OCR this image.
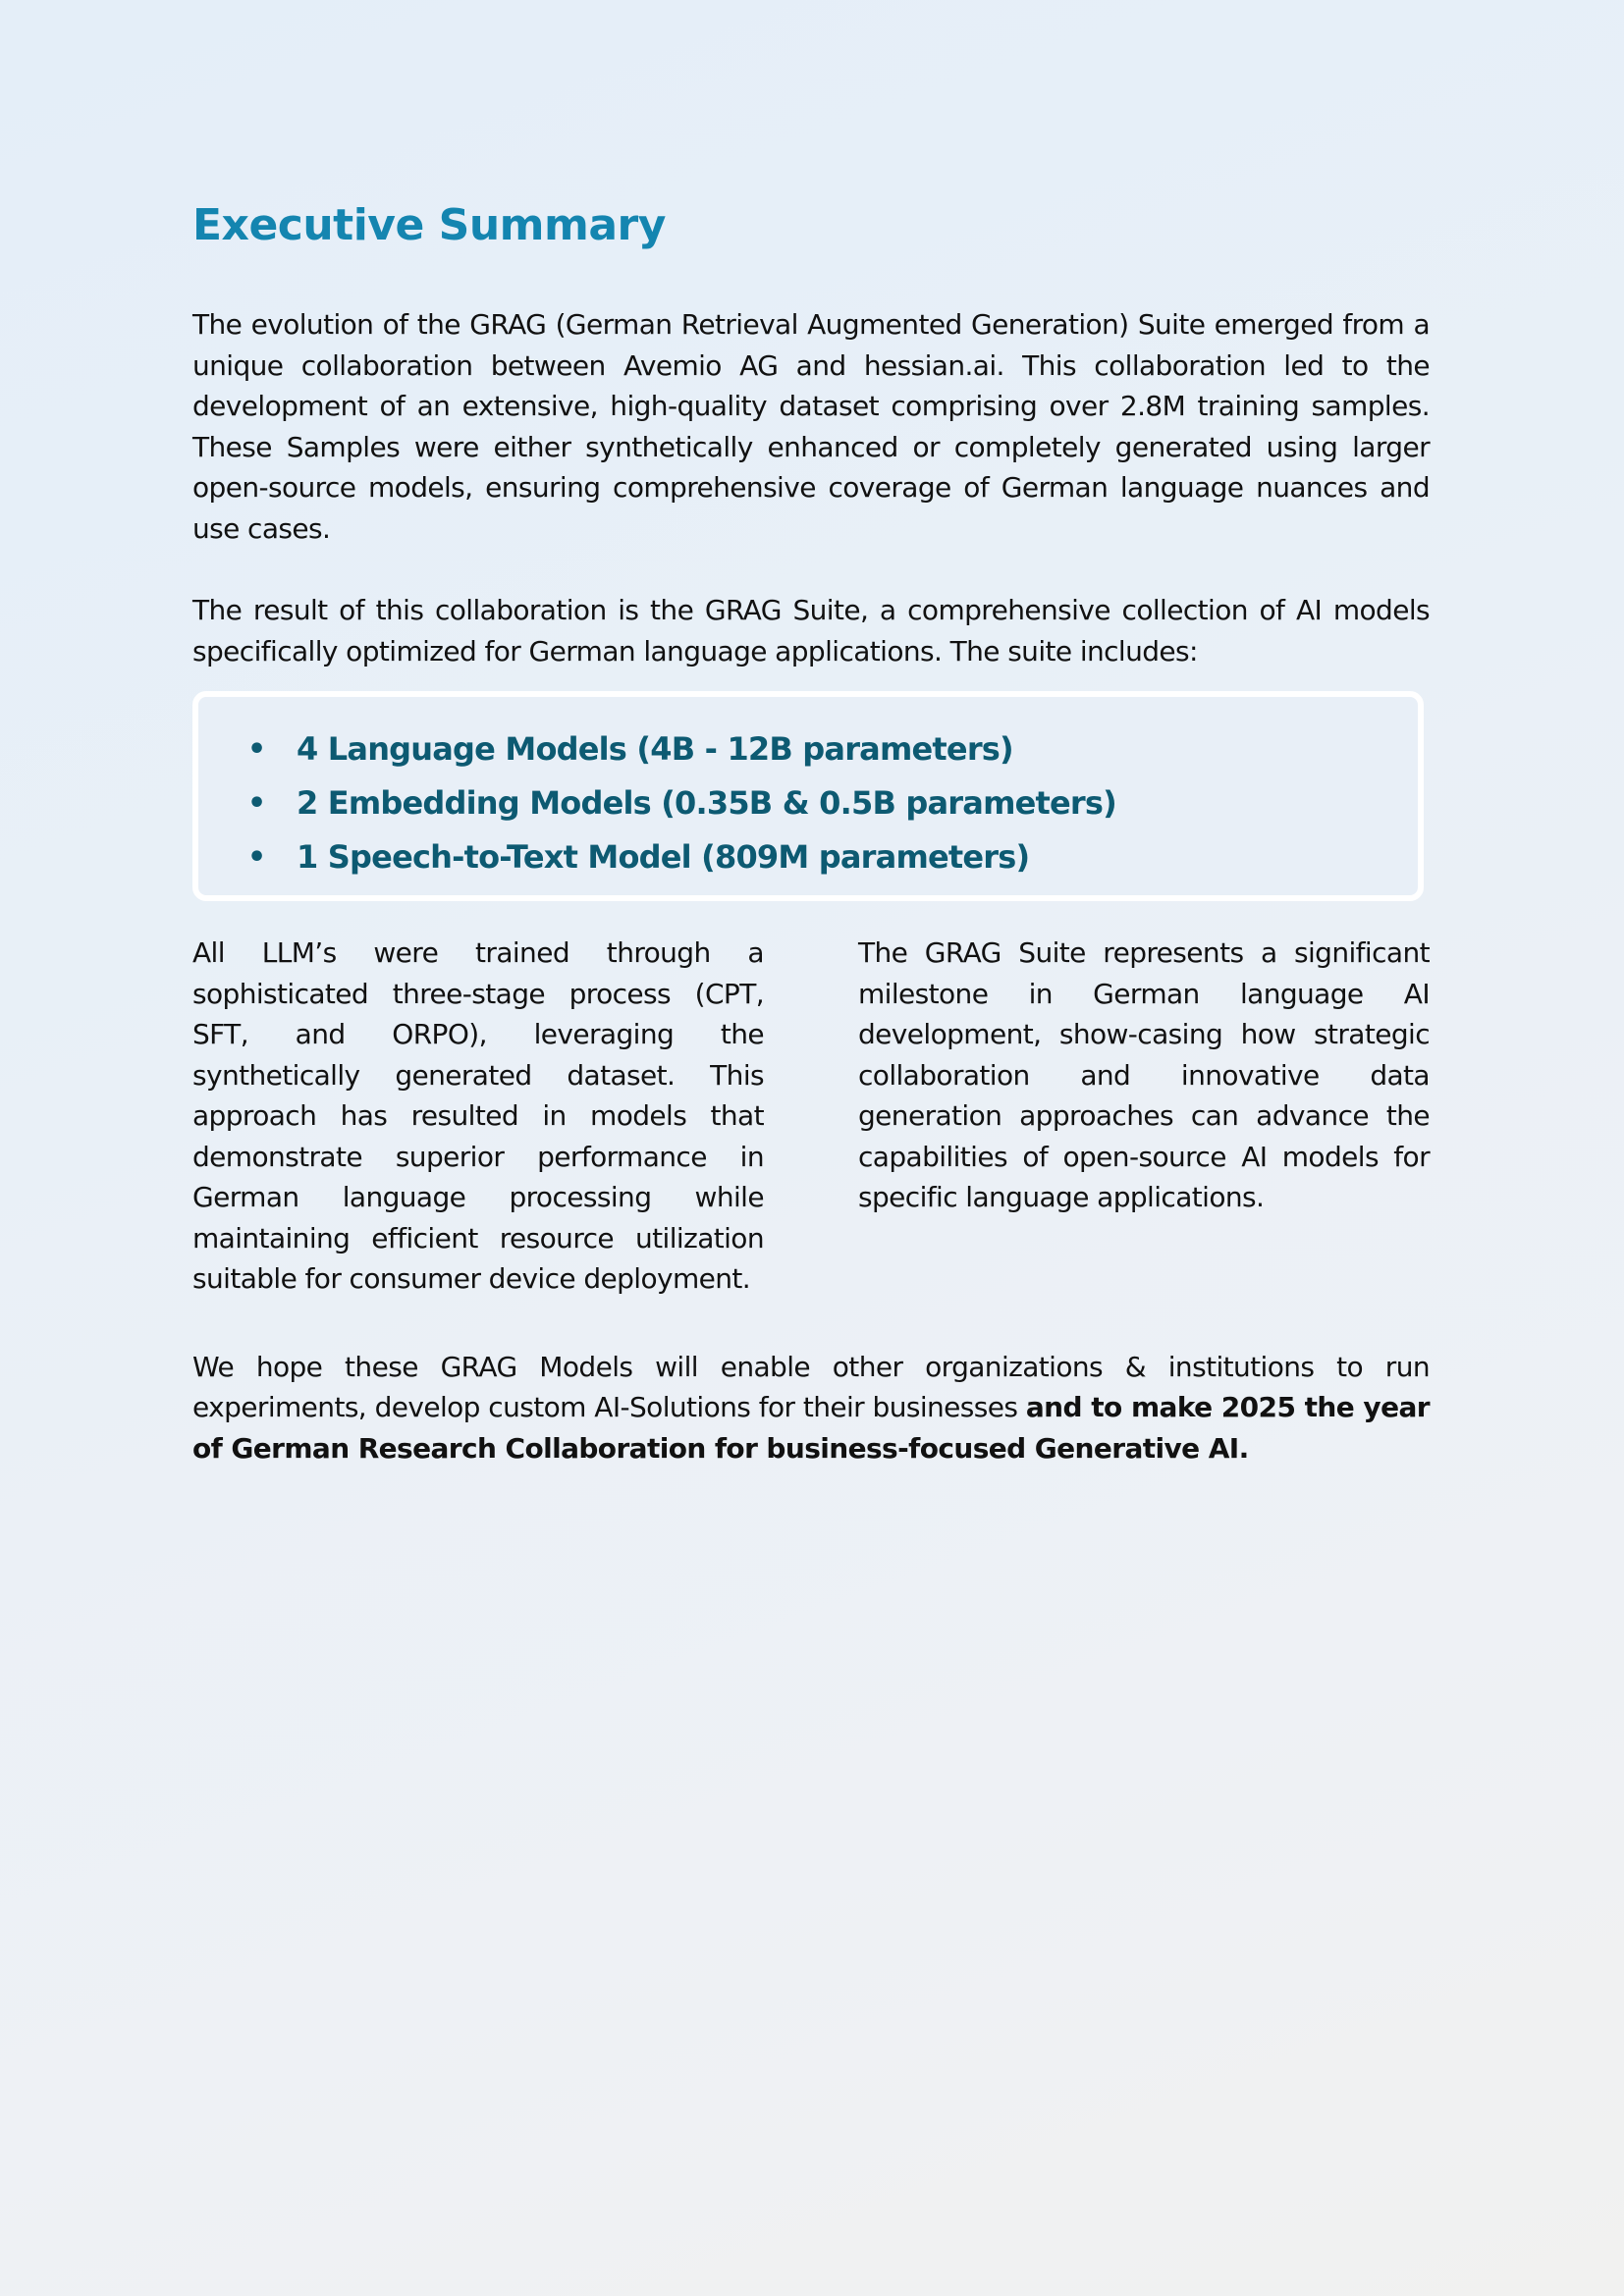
Executive Summary

The evolution of the GRAG (German Retrieval Augmented Generation) Suite emerged from a unique collaboration between Avemio AG and hessian.ai. This collaboration led to the development of an extensive, high-quality dataset comprising over 2.8M training samples. These Samples were either synthetically enhanced or completely generated using larger open-source models, ensuring comprehensive coverage of German language nuances and use cases.

The result of this collaboration is the GRAG Suite, a comprehensive collection of AI models specifically optimized for German language applications. The suite includes:

• 4 Language Models (4B - 12B parameters)
• 2 Embedding Models (0.35B & 0.5B parameters)
• 1 Speech-to-Text Model (809M parameters)

All LLM’s were trained through a sophisticated three-stage process (CPT, SFT, and ORPO), leveraging the synthetically generated dataset. This approach has resulted in models that demonstrate superior performance in German language processing while maintaining efficient resource utilization suitable for consumer device deployment.

The GRAG Suite represents a significant milestone in German language AI development, show-casing how strategic collaboration and innovative data generation approaches can advance the capabilities of open-source AI models for specific language applications.

We hope these GRAG Models will enable other organizations & institutions to run experiments, develop custom AI-Solutions for their businesses and to make 2025 the year of German Research Collaboration for business-focused Generative AI.
